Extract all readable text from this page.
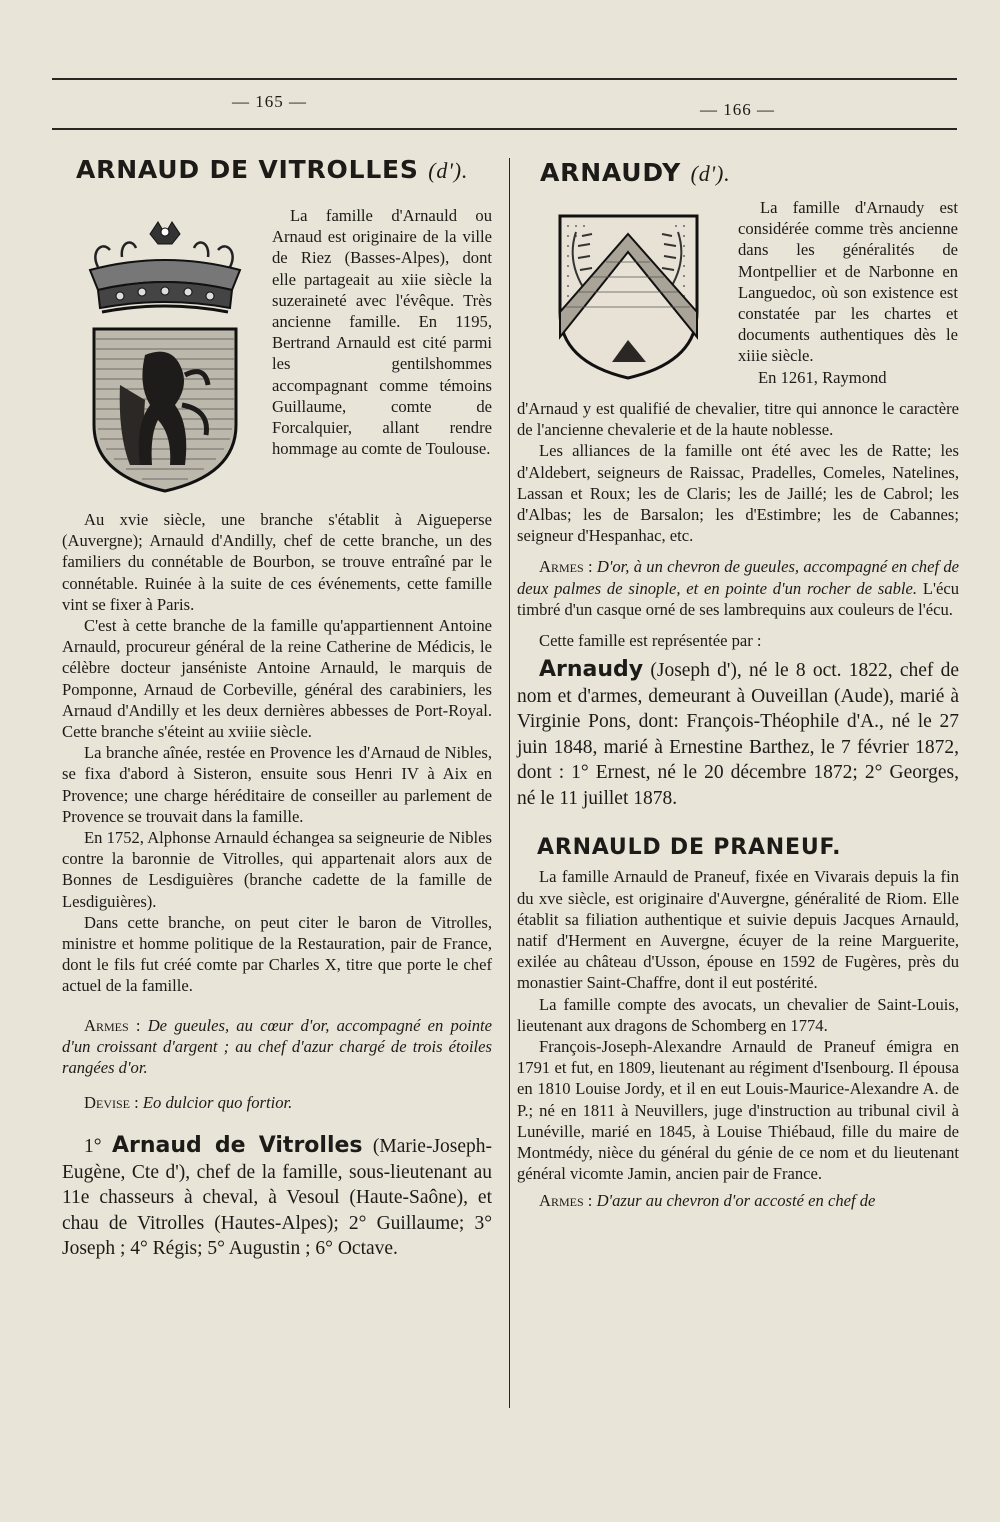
— 165 —	— 166 —
ARNAUD DE VITROLLES (d').
La famille d'Arnauld ou Arnaud est originaire de la ville de Riez (Basses-Alpes), dont elle partageait au xiie siècle la suzeraineté avec l'évêque. Très ancienne famille. En 1195, Bertrand Arnauld est cité parmi les gentilshommes accompagnant comme témoins Guillaume, comte de Forcalquier, allant rendre hommage au comte de Toulouse.

Au xvie siècle, une branche s'établit à Aigueperse (Auvergne); Arnauld d'Andilly, chef de cette branche, un des familiers du connétable de Bourbon, se trouve entraîné par le connétable. Ruinée à la suite de ces événements, cette famille vint se fixer à Paris.

C'est à cette branche de la famille qu'appartiennent Antoine Arnauld, procureur général de la reine Catherine de Médicis, le célèbre docteur janséniste Antoine Arnauld, le marquis de Pomponne, Arnaud de Corbeville, général des carabiniers, les Arnaud d'Andilly et les deux dernières abbesses de Port-Royal. Cette branche s'éteint au xviiie siècle.

La branche aînée, restée en Provence les d'Arnaud de Nibles, se fixa d'abord à Sisteron, ensuite sous Henri IV à Aix en Provence; une charge héréditaire de conseiller au parlement de Provence se trouvait dans la famille.

En 1752, Alphonse Arnauld échangea sa seigneurie de Nibles contre la baronnie de Vitrolles, qui appartenait alors aux de Bonnes de Lesdiguières (branche cadette de la famille de Lesdiguières).

Dans cette branche, on peut citer le baron de Vitrolles, ministre et homme politique de la Restauration, pair de France, dont le fils fut créé comte par Charles X, titre que porte le chef actuel de la famille.

Armes : De gueules, au cœur d'or, accompagné en pointe d'un croissant d'argent ; au chef d'azur chargé de trois étoiles rangées d'or.

Devise : Eo dulcior quo fortior.

1° Arnaud de Vitrolles (Marie-Joseph-Eugène, Cte d'), chef de la famille, sous-lieutenant au 11e chasseurs à cheval, à Vesoul (Haute-Saône), et chau de Vitrolles (Hautes-Alpes); 2° Guillaume; 3° Joseph ; 4° Régis; 5° Augustin ; 6° Octave.

ARNAUDY (d').
La famille d'Arnaudy est considérée comme très ancienne dans les généralités de Montpellier et de Narbonne en Languedoc, où son existence est constatée par les chartes et documents authentiques dès le xiiie siècle.
En 1261, Raymond

d'Arnaud y est qualifié de chevalier, titre qui annonce le caractère de l'ancienne chevalerie et de la haute noblesse.

Les alliances de la famille ont été avec les de Ratte; les d'Aldebert, seigneurs de Raissac, Pradelles, Comeles, Natelines, Lassan et Roux; les de Claris; les de Jaillé; les de Cabrol; les d'Albas; les de Barsalon; les d'Estimbre; les de Cabannes; seigneur d'Hespanhac, etc.

Armes : D'or, à un chevron de gueules, accompagné en chef de deux palmes de sinople, et en pointe d'un rocher de sable. L'écu timbré d'un casque orné de ses lambrequins aux couleurs de l'écu.

Cette famille est représentée par :

Arnaudy (Joseph d'), né le 8 oct. 1822, chef de nom et d'armes, demeurant à Ouveillan (Aude), marié à Virginie Pons, dont: François-Théophile d'A., né le 27 juin 1848, marié à Ernestine Barthez, le 7 février 1872, dont : 1° Ernest, né le 20 décembre 1872; 2° Georges, né le 11 juillet 1878.

ARNAULD DE PRANEUF.

La famille Arnauld de Praneuf, fixée en Vivarais depuis la fin du xve siècle, est originaire d'Auvergne, généralité de Riom. Elle établit sa filiation authentique et suivie depuis Jacques Arnauld, natif d'Herment en Auvergne, écuyer de la reine Marguerite, exilée au château d'Usson, épouse en 1592 de Fugères, près du monastier Saint-Chaffre, dont il eut postérité.

La famille compte des avocats, un chevalier de Saint-Louis, lieutenant aux dragons de Schomberg en 1774.

François-Joseph-Alexandre Arnauld de Praneuf émigra en 1791 et fut, en 1809, lieutenant au régiment d'Isenbourg. Il épousa en 1810 Louise Jordy, et il en eut Louis-Maurice-Alexandre A. de P.; né en 1811 à Neuvillers, juge d'instruction au tribunal civil à Lunéville, marié en 1845, à Louise Thiébaud, fille du maire de Montmédy, nièce du général du génie de ce nom et du lieutenant général vicomte Jamin, ancien pair de France.

Armes : D'azur au chevron d'or accosté en chef de
